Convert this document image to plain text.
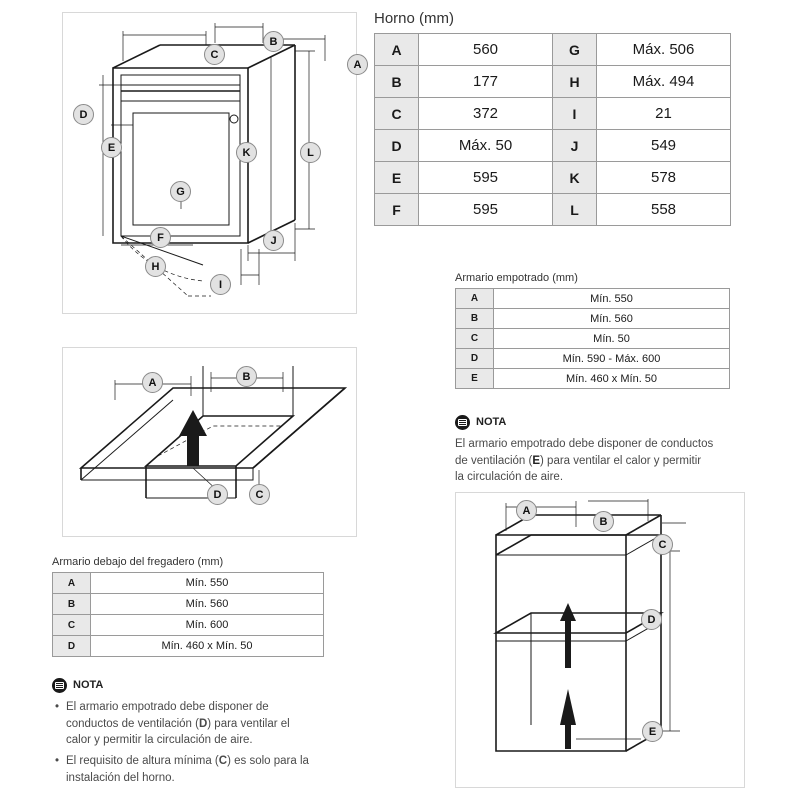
A
B
C
D
E
F
G
H
I
J
K	L
Horno (mm)
A	560	G	Máx. 506
B	177	H	Máx. 494
C	372	I	21
D	Máx. 50	J	549
E	595	K	578
F	595	L	558
Armario empotrado (mm)
A	Mín. 550
B	Mín. 560
C	Mín. 50
D	Mín. 590 - Máx. 600
E	Mín. 460 x Mín. 50
NOTA
El armario empotrado debe disponer de conductos
de ventilación (E) para ventilar el calor y permitir
la circulación de aire.
A
B
C
D
E
A	B
C
D
Armario debajo del fregadero (mm)
A	Mín. 550
B	Mín. 560
C	Mín. 600
D	Mín. 460 x Mín. 50
NOTA
• El armario empotrado debe disponer de
conductos de ventilación (D) para ventilar el
calor y permitir la circulación de aire.
• El requisito de altura mínima (C) es solo para la
instalación del horno.
